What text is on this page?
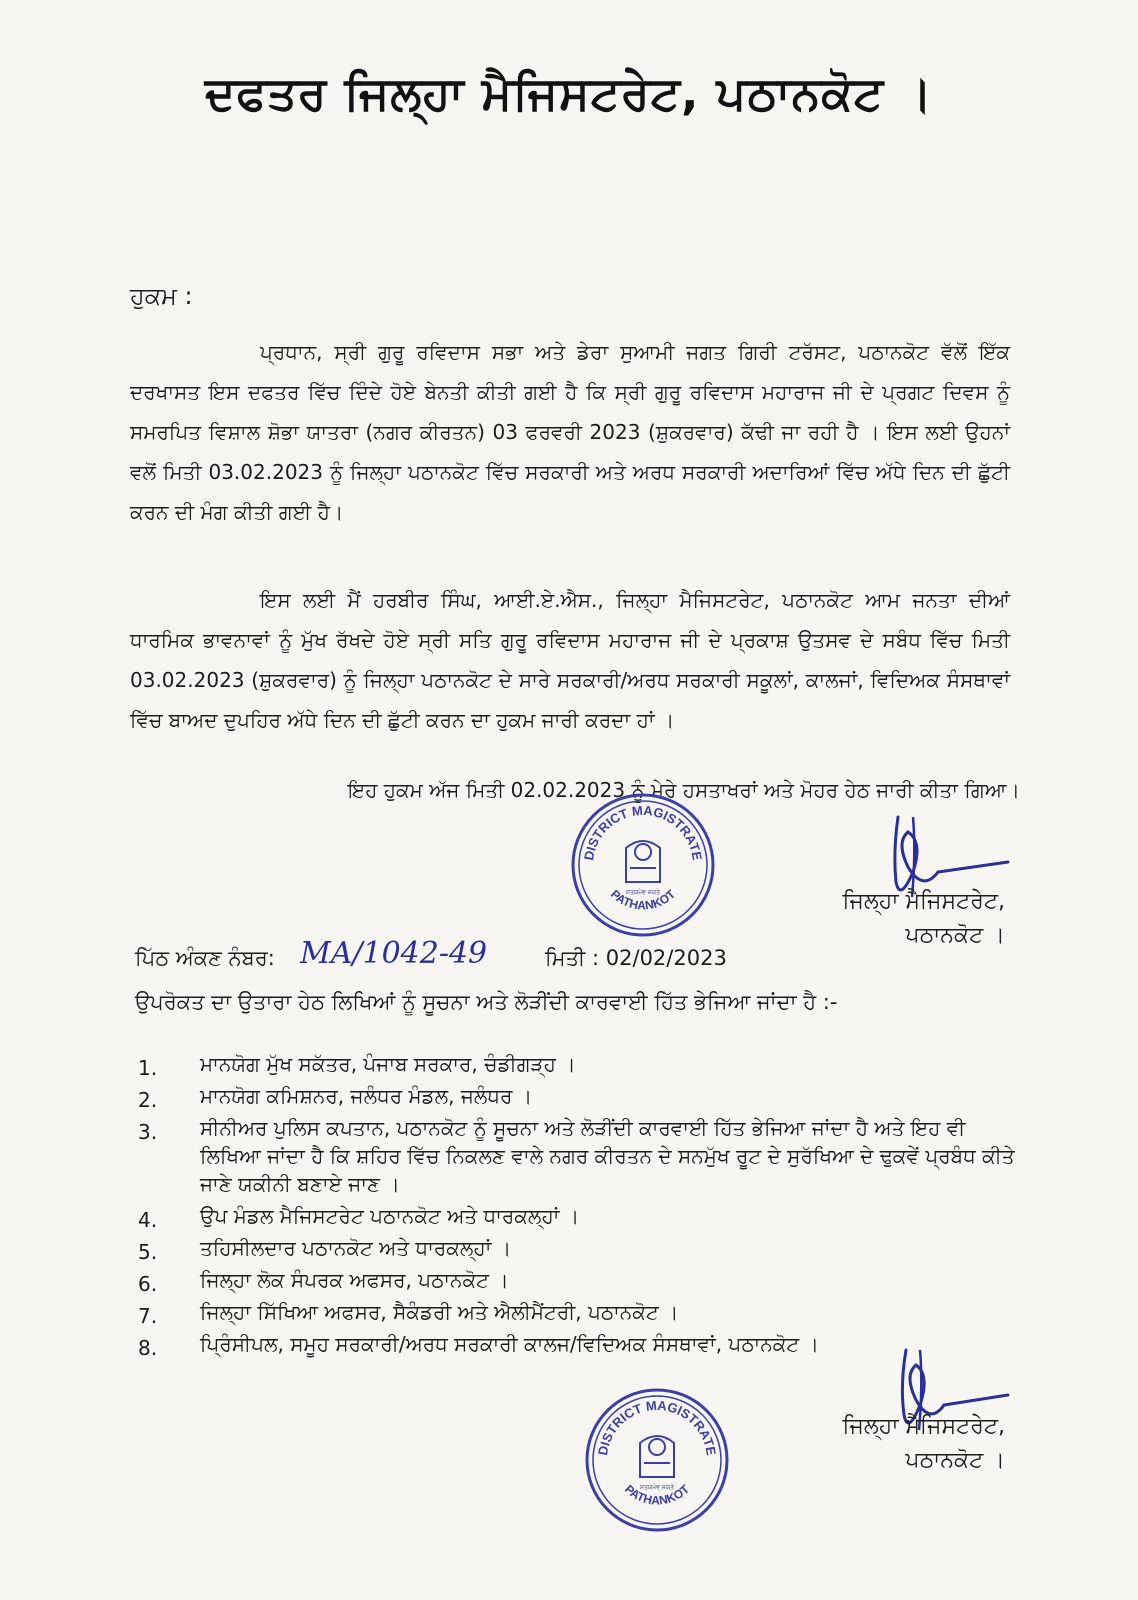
ਦਫਤਰ ਜਿਲ੍ਹਾ ਮੈਜਿਸਟਰੇਟ, ਪਠਾਨਕੋਟ ।
ਹੁਕਮ :
ਪ੍ਰਧਾਨ, ਸ੍ਰੀ ਗੁਰੂ ਰਵਿਦਾਸ ਸਭਾ ਅਤੇ ਡੇਰਾ ਸੁਆਮੀ ਜਗਤ ਗਿਰੀ ਟਰੱਸਟ, ਪਠਾਨਕੋਟ ਵੱਲੋਂ ਇੱਕ ਦਰਖਾਸਤ ਇਸ ਦਫਤਰ ਵਿੱਚ ਦਿੰਦੇ ਹੋਏ ਬੇਨਤੀ ਕੀਤੀ ਗਈ ਹੈ ਕਿ ਸ੍ਰੀ ਗੁਰੂ ਰਵਿਦਾਸ ਮਹਾਰਾਜ ਜੀ ਦੇ ਪ੍ਰਗਟ ਦਿਵਸ ਨੂੰ ਸਮਰਪਿਤ ਵਿਸ਼ਾਲ ਸ਼ੋਭਾ ਯਾਤਰਾ (ਨਗਰ ਕੀਰਤਨ) 03 ਫਰਵਰੀ 2023 (ਸ਼ੁਕਰਵਾਰ) ਕੱਢੀ ਜਾ ਰਹੀ ਹੈ । ਇਸ ਲਈ ਉਹਨਾਂ ਵਲੋਂ ਮਿਤੀ 03.02.2023 ਨੂੰ ਜਿਲ੍ਹਾ ਪਠਾਨਕੋਟ ਵਿੱਚ ਸਰਕਾਰੀ ਅਤੇ ਅਰਧ ਸਰਕਾਰੀ ਅਦਾਰਿਆਂ ਵਿੱਚ ਅੱਧੇ ਦਿਨ ਦੀ ਛੁੱਟੀ ਕਰਨ ਦੀ ਮੰਗ ਕੀਤੀ ਗਈ ਹੈ।
ਇਸ ਲਈ ਮੈਂ ਹਰਬੀਰ ਸਿੰਘ, ਆਈ.ਏ.ਐਸ., ਜਿਲ੍ਹਾ ਮੈਜਿਸਟਰੇਟ, ਪਠਾਨਕੋਟ ਆਮ ਜਨਤਾ ਦੀਆਂ ਧਾਰਮਿਕ ਭਾਵਨਾਵਾਂ ਨੂੰ ਮੁੱਖ ਰੱਖਦੇ ਹੋਏ ਸ੍ਰੀ ਸਤਿ ਗੁਰੂ ਰਵਿਦਾਸ ਮਹਾਰਾਜ ਜੀ ਦੇ ਪ੍ਰਕਾਸ਼ ਉਤਸਵ ਦੇ ਸਬੰਧ ਵਿੱਚ ਮਿਤੀ 03.02.2023 (ਸ਼ੁਕਰਵਾਰ) ਨੂੰ ਜਿਲ੍ਹਾ ਪਠਾਨਕੋਟ ਦੇ ਸਾਰੇ ਸਰਕਾਰੀ/ਅਰਧ ਸਰਕਾਰੀ ਸਕੂਲਾਂ, ਕਾਲਜਾਂ, ਵਿਦਿਅਕ ਸੰਸਥਾਵਾਂ ਵਿੱਚ ਬਾਅਦ ਦੁਪਹਿਰ ਅੱਧੇ ਦਿਨ ਦੀ ਛੁੱਟੀ ਕਰਨ ਦਾ ਹੁਕਮ ਜਾਰੀ ਕਰਦਾ ਹਾਂ ।
ਇਹ ਹੁਕਮ ਅੱਜ ਮਿਤੀ 02.02.2023 ਨੂੰ ਮੇਰੇ ਹਸਤਾਖਰਾਂ ਅਤੇ ਮੋਹਰ ਹੇਠ ਜਾਰੀ ਕੀਤਾ ਗਿਆ।
DISTRICT MAGISTRATE
PATHANKOT
ਸਤਯਮੇਵ ਜਯਤੇ	ਜਿਲ੍ਹਾ ਮੈਜਿਸਟਰੇਟ,
ਪਠਾਨਕੋਟ ।
ਪਿੱਠ ਅੰਕਣ ਨੰਬਰ: MA/1042-49	ਮਿਤੀ : 02/02/2023
ਉਪਰੋਕਤ ਦਾ ਉਤਾਰਾ ਹੇਠ ਲਿਖਿਆਂ ਨੂੰ ਸੂਚਨਾ ਅਤੇ ਲੋੜੀਂਦੀ ਕਾਰਵਾਈ ਹਿੱਤ ਭੇਜਿਆ ਜਾਂਦਾ ਹੈ :-
1.	ਮਾਨਯੋਗ ਮੁੱਖ ਸਕੱਤਰ, ਪੰਜਾਬ ਸਰਕਾਰ, ਚੰਡੀਗੜ੍ਹ ।
2.	ਮਾਨਯੋਗ ਕਮਿਸ਼ਨਰ, ਜਲੰਧਰ ਮੰਡਲ, ਜਲੰਧਰ ।
3.	ਸੀਨੀਅਰ ਪੁਲਿਸ ਕਪਤਾਨ, ਪਠਾਨਕੋਟ ਨੂੰ ਸੂਚਨਾ ਅਤੇ ਲੋੜੀਂਦੀ ਕਾਰਵਾਈ ਹਿੱਤ ਭੇਜਿਆ ਜਾਂਦਾ ਹੈ ਅਤੇ ਇਹ ਵੀ ਲਿਖਿਆ ਜਾਂਦਾ ਹੈ ਕਿ ਸ਼ਹਿਰ ਵਿੱਚ ਨਿਕਲਣ ਵਾਲੇ ਨਗਰ ਕੀਰਤਨ ਦੇ ਸਨਮੁੱਖ ਰੂਟ ਦੇ ਸੁਰੱਖਿਆ ਦੇ ਢੁਕਵੇਂ ਪ੍ਰਬੰਧ ਕੀਤੇ ਜਾਣੇ ਯਕੀਨੀ ਬਣਾਏ ਜਾਣ ।
4.	ਉਪ ਮੰਡਲ ਮੈਜਿਸਟਰੇਟ ਪਠਾਨਕੋਟ ਅਤੇ ਧਾਰਕਲ੍ਹਾਂ ।
5.	ਤਹਿਸੀਲਦਾਰ ਪਠਾਨਕੋਟ ਅਤੇ ਧਾਰਕਲ੍ਹਾਂ ।
6.	ਜਿਲ੍ਹਾ ਲੋਕ ਸੰਪਰਕ ਅਫਸਰ, ਪਠਾਨਕੋਟ ।
7.	ਜਿਲ੍ਹਾ ਸਿੱਖਿਆ ਅਫਸਰ, ਸੈਕੰਡਰੀ ਅਤੇ ਐਲੀਮੈਂਟਰੀ, ਪਠਾਨਕੋਟ ।
8.	ਪ੍ਰਿੰਸੀਪਲ, ਸਮੂਹ ਸਰਕਾਰੀ/ਅਰਧ ਸਰਕਾਰੀ ਕਾਲਜ/ਵਿਦਿਅਕ ਸੰਸਥਾਵਾਂ, ਪਠਾਨਕੋਟ ।
DISTRICT MAGISTRATE
PATHANKOT
ਸਤਯਮੇਵ ਜਯਤੇ
ਜਿਲ੍ਹਾ ਮੈਜਿਸਟਰੇਟ,
ਪਠਾਨਕੋਟ ।
